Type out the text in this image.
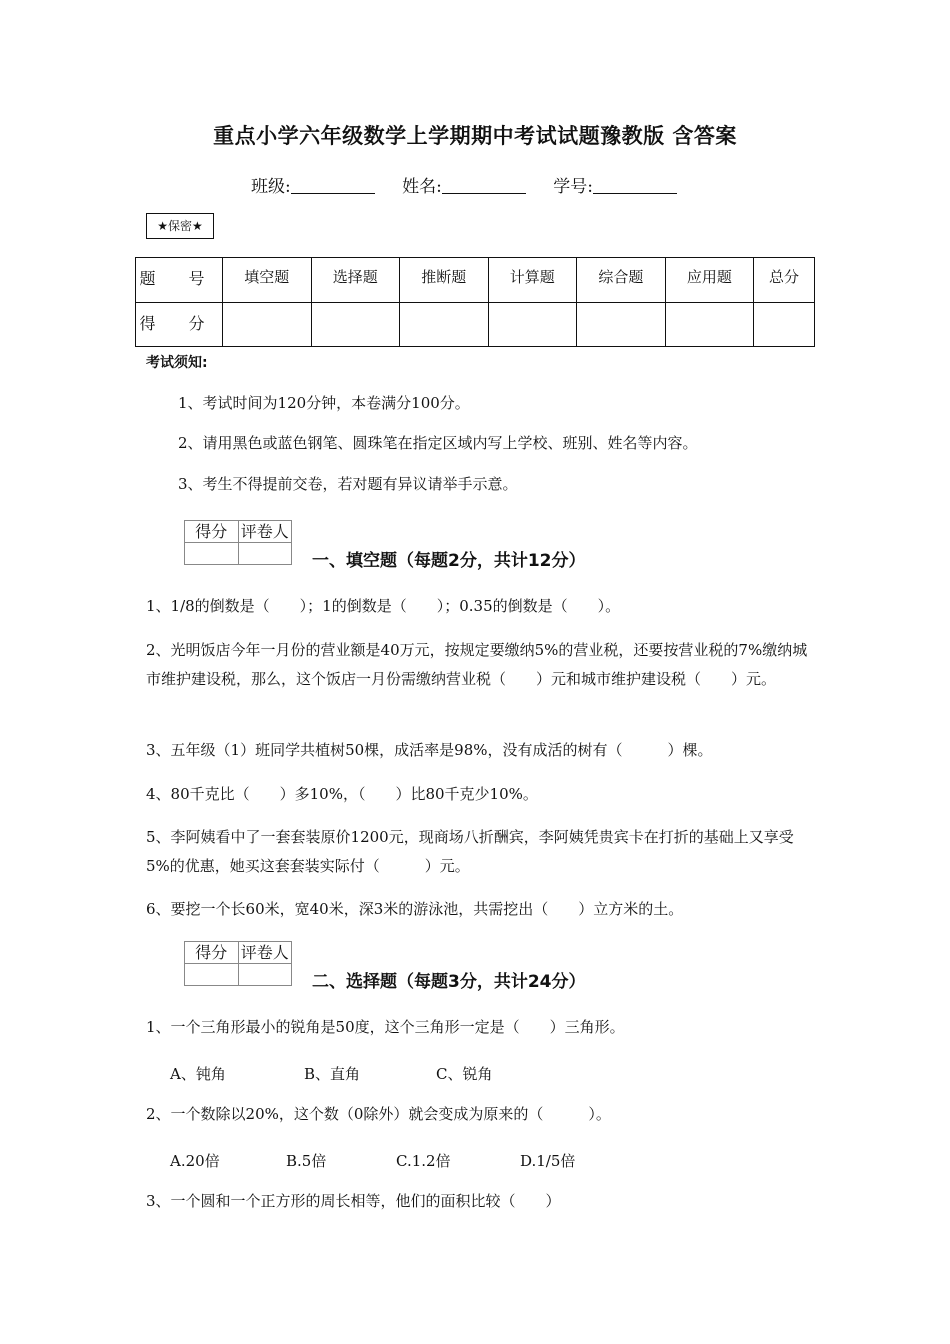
重点小学六年级数学上学期期中考试试题豫教版 含答案
班级:	姓名:	学号:
★保密★
题 号	填空题	选择题	推断题	计算题	综合题	应用题	总分
得 分							
考试须知:
1、考试时间为120分钟，本卷满分100分。
2、请用黑色或蓝色钢笔、圆珠笔在指定区域内写上学校、班别、姓名等内容。
3、考生不得提前交卷，若对题有异议请举手示意。
得分	评卷人

一、填空题（每题2分，共计12分）
1、1/8的倒数是（　　）；1的倒数是（　　）；0.35的倒数是（　　）。
2、光明饭店今年一月份的营业额是40万元，按规定要缴纳5%的营业税，还要按营业税的7%缴纳城市维护建设税，那么，这个饭店一月份需缴纳营业税（　　）元和城市维护建设税（　　）元。
3、五年级（1）班同学共植树50棵，成活率是98%，没有成活的树有（　　　）棵。
4、80千克比（　　）多10%，（　　）比80千克少10%。
5、李阿姨看中了一套套装原价1200元，现商场八折酬宾，李阿姨凭贵宾卡在打折的基础上又享受5%的优惠，她买这套套装实际付（　　　）元。
6、要挖一个长60米，宽40米，深3米的游泳池，共需挖出（　　）立方米的土。
得分	评卷人

二、选择题（每题3分，共计24分）
1、一个三角形最小的锐角是50度，这个三角形一定是（　　）三角形。
A、钝角	B、直角	C、锐角
2、一个数除以20%，这个数（0除外）就会变成为原来的（　　　）。
A.20倍	B.5倍	C.1.2倍	D.1/5倍
3、一个圆和一个正方形的周长相等，他们的面积比较（　　）
